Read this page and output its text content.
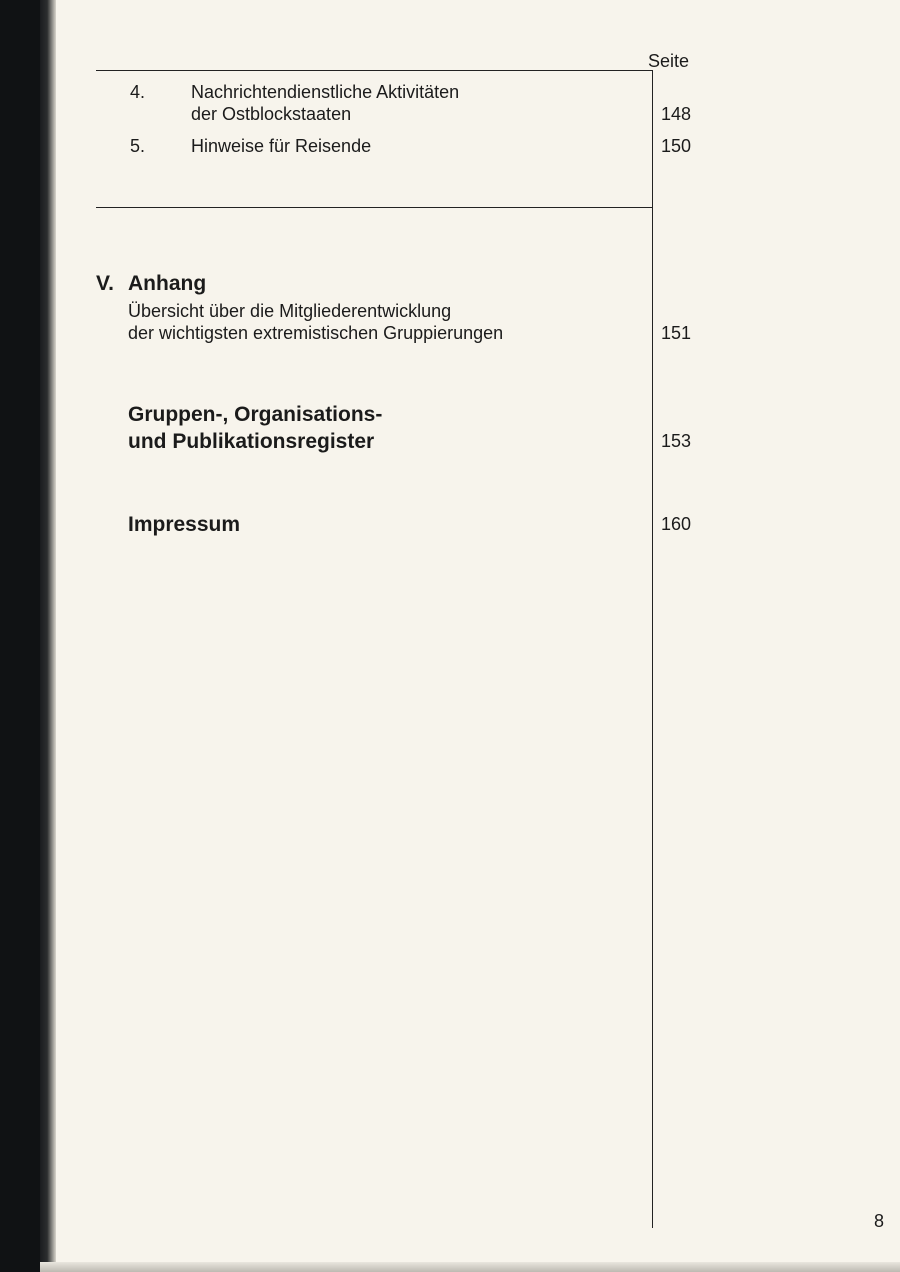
Seite
4.	Nachrichtendienstliche Aktivitäten
der Ostblockstaaten	148
5.	Hinweise für Reisende	150
V. Anhang
Übersicht über die Mitgliederentwicklung
der wichtigsten extremistischen Gruppierungen	151
Gruppen-, Organisations-
und Publikationsregister	153
Impressum	160
8
